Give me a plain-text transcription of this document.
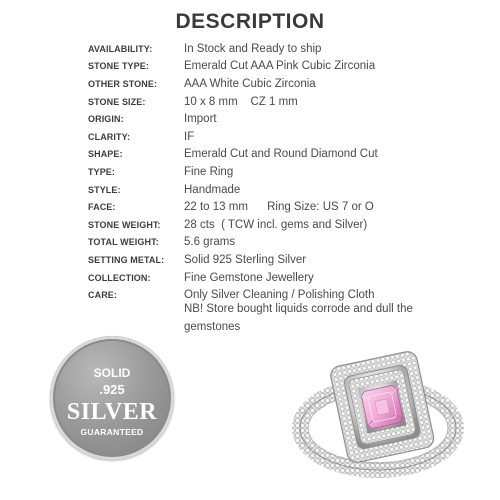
DESCRIPTION
AVAILABILITY:	In Stock and Ready to ship
STONE TYPE:	Emerald Cut AAA Pink Cubic Zirconia
OTHER STONE:	AAA White Cubic Zirconia
STONE SIZE:	10 x 8 mm    CZ 1 mm
ORIGIN:	Import
CLARITY:	IF
SHAPE:	Emerald Cut and Round Diamond Cut
TYPE:	Fine Ring
STYLE:	Handmade
FACE:	22 to 13 mm      Ring Size: US 7 or O
STONE WEIGHT:	28 cts  ( TCW incl. gems and Silver)
TOTAL WEIGHT:	5.6 grams
SETTING METAL:	Solid 925 Sterling Silver
COLLECTION:	Fine Gemstone Jewellery
CARE:	Only Silver Cleaning / Polishing Cloth
NB! Store bought liquids corrode and dull the gemstones
SOLID
.925
SILVER
GUARANTEED
